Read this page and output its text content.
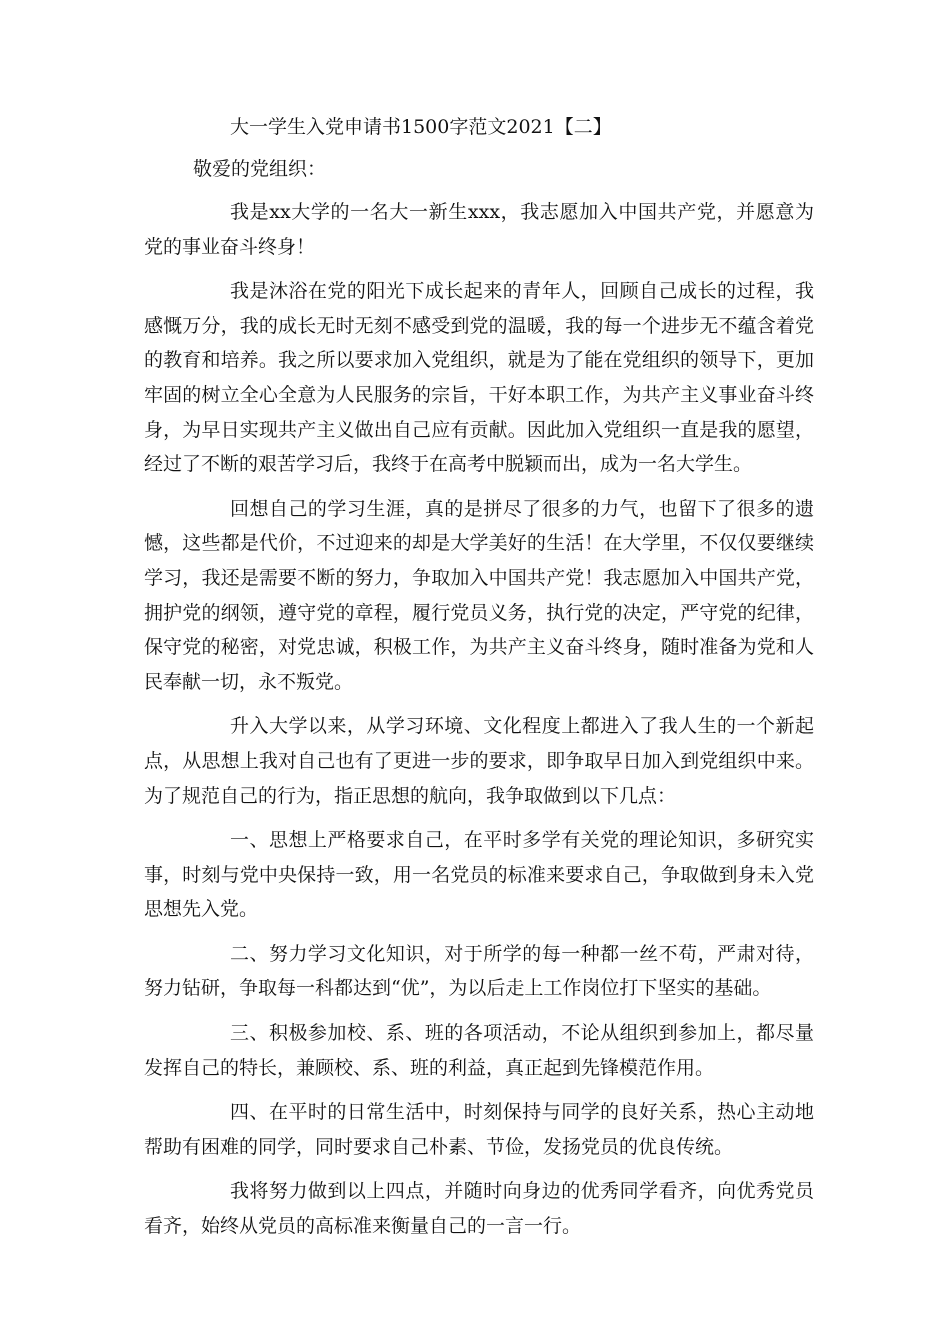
大一学生入党申请书1500字范文2021【二】
敬爱的党组织：

我是xx大学的一名大一新生xxx，我志愿加入中国共产党，并愿意为党的事业奋斗终身！

我是沐浴在党的阳光下成长起来的青年人，回顾自己成长的过程，我感慨万分，我的成长无时无刻不感受到党的温暖，我的每一个进步无不蕴含着党的教育和培养。我之所以要求加入党组织，就是为了能在党组织的领导下，更加牢固的树立全心全意为人民服务的宗旨，干好本职工作，为共产主义事业奋斗终身，为早日实现共产主义做出自己应有贡献。因此加入党组织一直是我的愿望，经过了不断的艰苦学习后，我终于在高考中脱颖而出，成为一名大学生。

回想自己的学习生涯，真的是拼尽了很多的力气，也留下了很多的遗憾，这些都是代价，不过迎来的却是大学美好的生活！在大学里，不仅仅要继续学习，我还是需要不断的努力，争取加入中国共产党！我志愿加入中国共产党，拥护党的纲领，遵守党的章程，履行党员义务，执行党的决定，严守党的纪律，保守党的秘密，对党忠诚，积极工作，为共产主义奋斗终身，随时准备为党和人民奉献一切，永不叛党。

升入大学以来，从学习环境、文化程度上都进入了我人生的一个新起点，从思想上我对自己也有了更进一步的要求，即争取早日加入到党组织中来。为了规范自己的行为，指正思想的航向，我争取做到以下几点：

一、思想上严格要求自己，在平时多学有关党的理论知识，多研究实事，时刻与党中央保持一致，用一名党员的标准来要求自己，争取做到身未入党思想先入党。

二、努力学习文化知识，对于所学的每一种都一丝不苟，严肃对待，努力钻研，争取每一科都达到“优”，为以后走上工作岗位打下坚实的基础。

三、积极参加校、系、班的各项活动，不论从组织到参加上，都尽量发挥自己的特长，兼顾校、系、班的利益，真正起到先锋模范作用。

四、在平时的日常生活中，时刻保持与同学的良好关系，热心主动地帮助有困难的同学，同时要求自己朴素、节俭，发扬党员的优良传统。

我将努力做到以上四点，并随时向身边的优秀同学看齐，向优秀党员看齐，始终从党员的高标准来衡量自己的一言一行。
